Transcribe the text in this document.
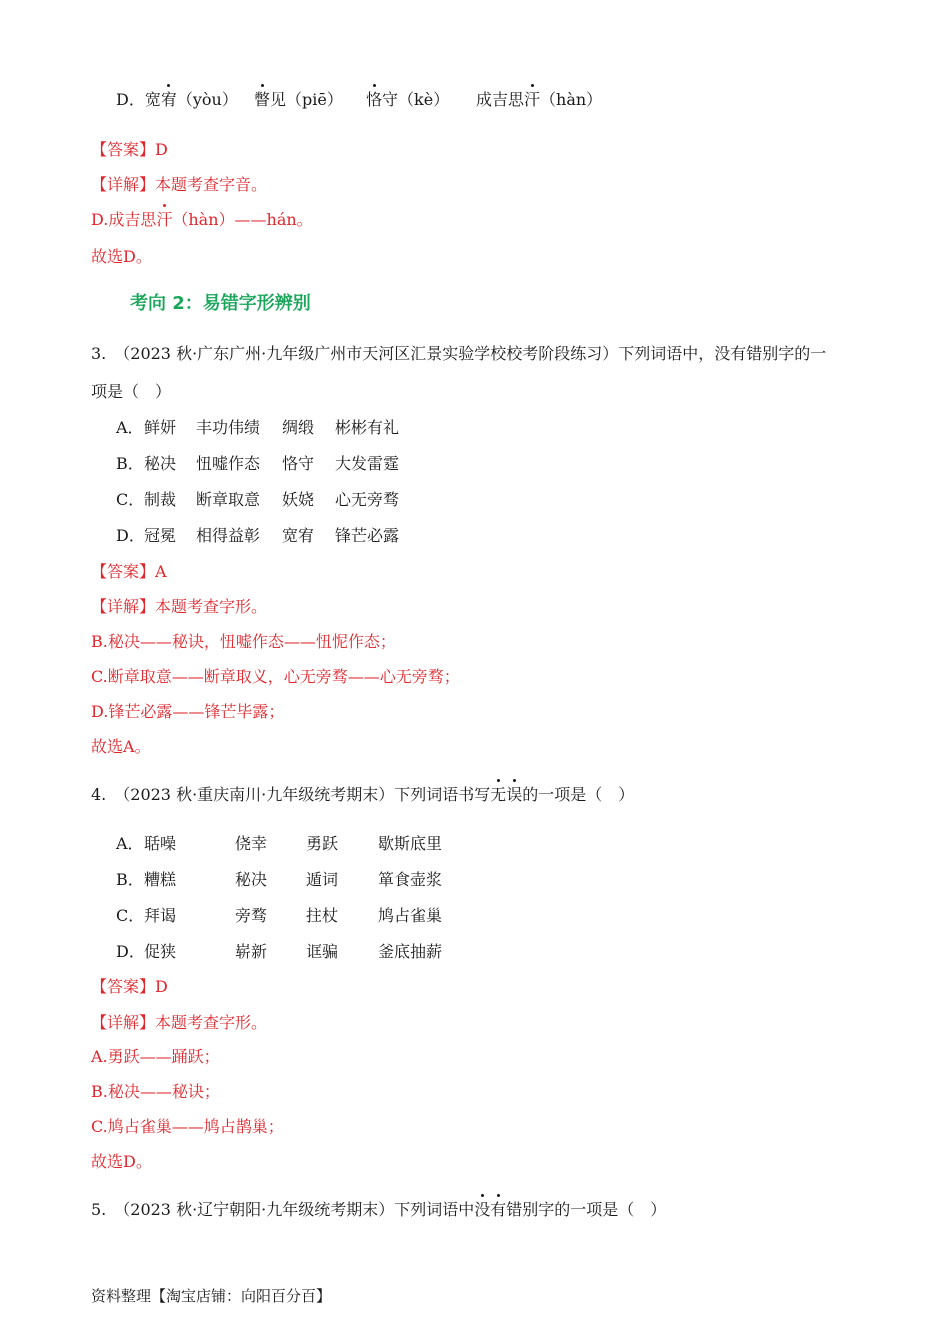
D．宽宥（yòu） 瞥见（piē） 恪守（kè） 成吉思汗（hàn）
【答案】D
【详解】本题考查字音。
D.成吉思汗（hàn）——hán。
故选D。
考向 2：易错字形辨别
3.　（2023 秋·广东广州·九年级广州市天河区汇景实验学校校考阶段练习）下列词语中，没有错别字的一
项是（　）
A． 鲜妍 丰功伟绩 绸缎 彬彬有礼
B． 秘决 忸嘘作态 恪守 大发雷霆
C． 制裁 断章取意 妖娆 心无旁骛
D． 冠冕 相得益彰 宽宥 锋芒必露
【答案】A
【详解】本题考查字形。
B.秘决——秘诀，忸嘘作态——忸怩作态；
C.断章取意——断章取义，心无旁骛——心无旁骛；
D.锋芒必露——锋芒毕露；
故选A。
4.　（2023 秋·重庆南川·九年级统考期末）下列词语书写无误的一项是（　）
A． 聒噪	侥幸 勇跃 歇斯底里
B． 糟糕	秘决 遁词 箪食壶浆
C． 拜谒	旁骛 拄杖 鸠占雀巢
D． 促狭	崭新 诓骗 釜底抽薪
【答案】D
【详解】本题考查字形。
A.勇跃——踊跃；
B.秘决——秘诀；
C.鸠占雀巢——鸠占鹊巢；
故选D。
5.　（2023 秋·辽宁朝阳·九年级统考期末）下列词语中没有错别字的一项是（　）
资料整理【淘宝店铺：向阳百分百】
